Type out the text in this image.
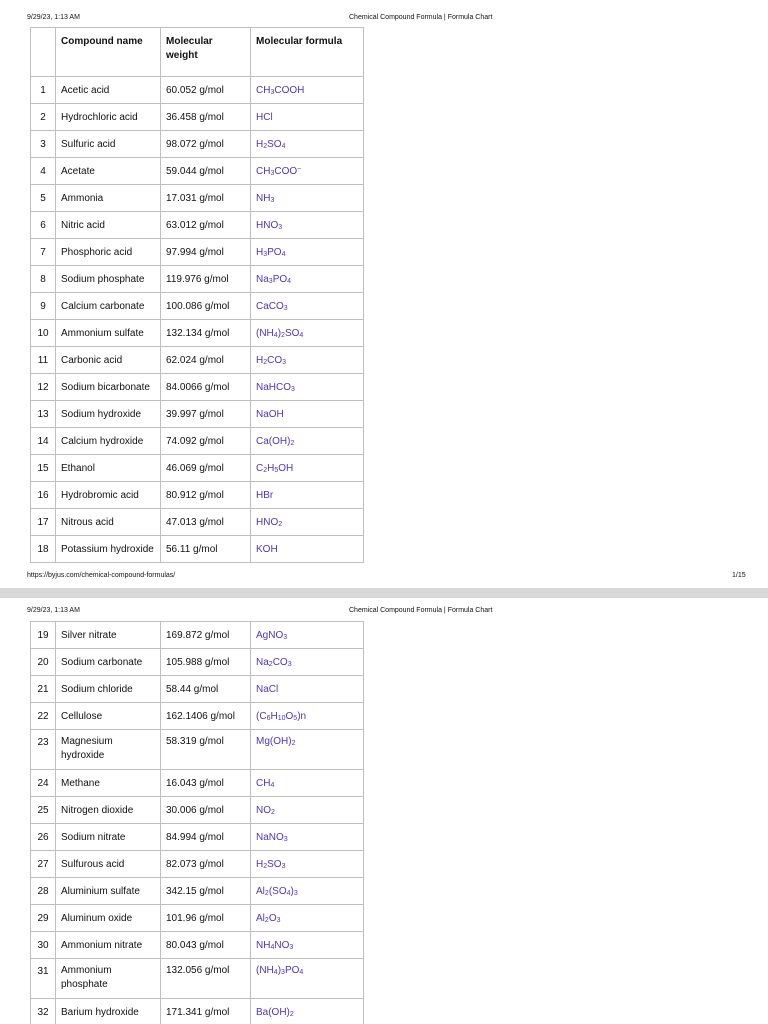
9/29/23, 1:13 AM	Chemical Compound Formula | Formula Chart
	Compound name	Molecular weight	Molecular formula
1	Acetic acid	60.052 g/mol	$CH_3COOH$
2	Hydrochloric acid	36.458 g/mol	HCl
3	Sulfuric acid	98.072 g/mol	$H_2SO_4$
4	Acetate	59.044 g/mol	$CH_3COO^-$
5	Ammonia	17.031 g/mol	$NH_3$
6	Nitric acid	63.012 g/mol	$HNO_3$
7	Phosphoric acid	97.994 g/mol	$H_3PO_4$
8	Sodium phosphate	119.976 g/mol	$Na_3PO_4$
9	Calcium carbonate	100.086 g/mol	CaCO$_3$
10	Ammonium sulfate	132.134 g/mol	$(NH_4)_2SO_4$
11	Carbonic acid	62.024 g/mol	$H_2CO_3$
12	Sodium bicarbonate	84.0066 g/mol	NaHCO$_3$
13	Sodium hydroxide	39.997 g/mol	NaOH
14	Calcium hydroxide	74.092 g/mol	$Ca(OH)_2$
15	Ethanol	46.069 g/mol	$C_2H_5OH$
16	Hydrobromic acid	80.912 g/mol	HBr
17	Nitrous acid	47.013 g/mol	$HNO_2$
18	Potassium hydroxide	56.11 g/mol	KOH
https://byjus.com/chemical-compound-formulas/	1/15
9/29/23, 1:13 AM	Chemical Compound Formula | Formula Chart
19	Silver nitrate	169.872 g/mol	AgNO$_3$
20	Sodium carbonate	105.988 g/mol	$Na_2CO_3$
21	Sodium chloride	58.44 g/mol	NaCl
22	Cellulose	162.1406 g/mol	$(C_6H_{10}O_5)n$
23	Magnesium hydroxide	58.319 g/mol	$Mg(OH)_2$
24	Methane	16.043 g/mol	$CH_4$
25	Nitrogen dioxide	30.006 g/mol	$NO_2$
26	Sodium nitrate	84.994 g/mol	NaNO$_3$
27	Sulfurous acid	82.073 g/mol	$H_2SO_3$
28	Aluminium sulfate	342.15 g/mol	$Al_2(SO_4)_3$
29	Aluminum oxide	101.96 g/mol	$Al_2O_3$
30	Ammonium nitrate	80.043 g/mol	$NH_4NO_3$
31	Ammonium phosphate	132.056 g/mol	$(NH_4)_3PO_4$
32	Barium hydroxide	171.341 g/mol	$Ba(OH)_2$
